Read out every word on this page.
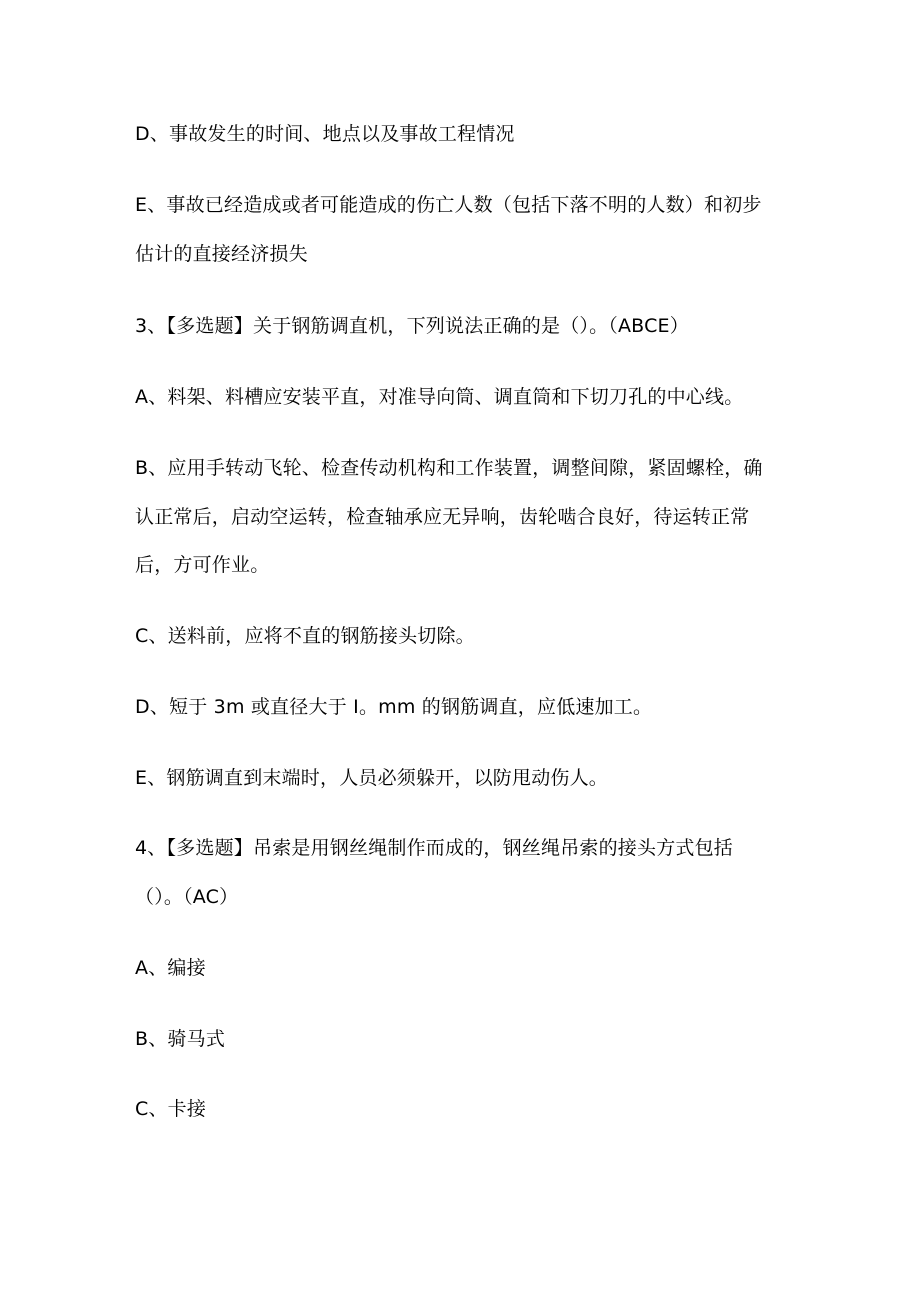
D、事故发生的时间、地点以及事故工程情况
E、事故已经造成或者可能造成的伤亡人数（包括下落不明的人数）和初步
估计的直接经济损失
3、【多选题】关于钢筋调直机，下列说法正确的是（）。（ABCE）
A、料架、料槽应安装平直，对准导向筒、调直筒和下切刀孔的中心线。
B、应用手转动飞轮、检查传动机构和工作装置，调整间隙，紧固螺栓，确
认正常后，启动空运转，检查轴承应无异响，齿轮啮合良好，待运转正常
后，方可作业。
C、送料前，应将不直的钢筋接头切除。
D、短于 3m 或直径大于 I。mm 的钢筋调直，应低速加工。
E、钢筋调直到末端时，人员必须躲开，以防甩动伤人。
4、【多选题】吊索是用钢丝绳制作而成的，钢丝绳吊索的接头方式包括
（）。（AC）
A、编接
B、骑马式
C、卡接
